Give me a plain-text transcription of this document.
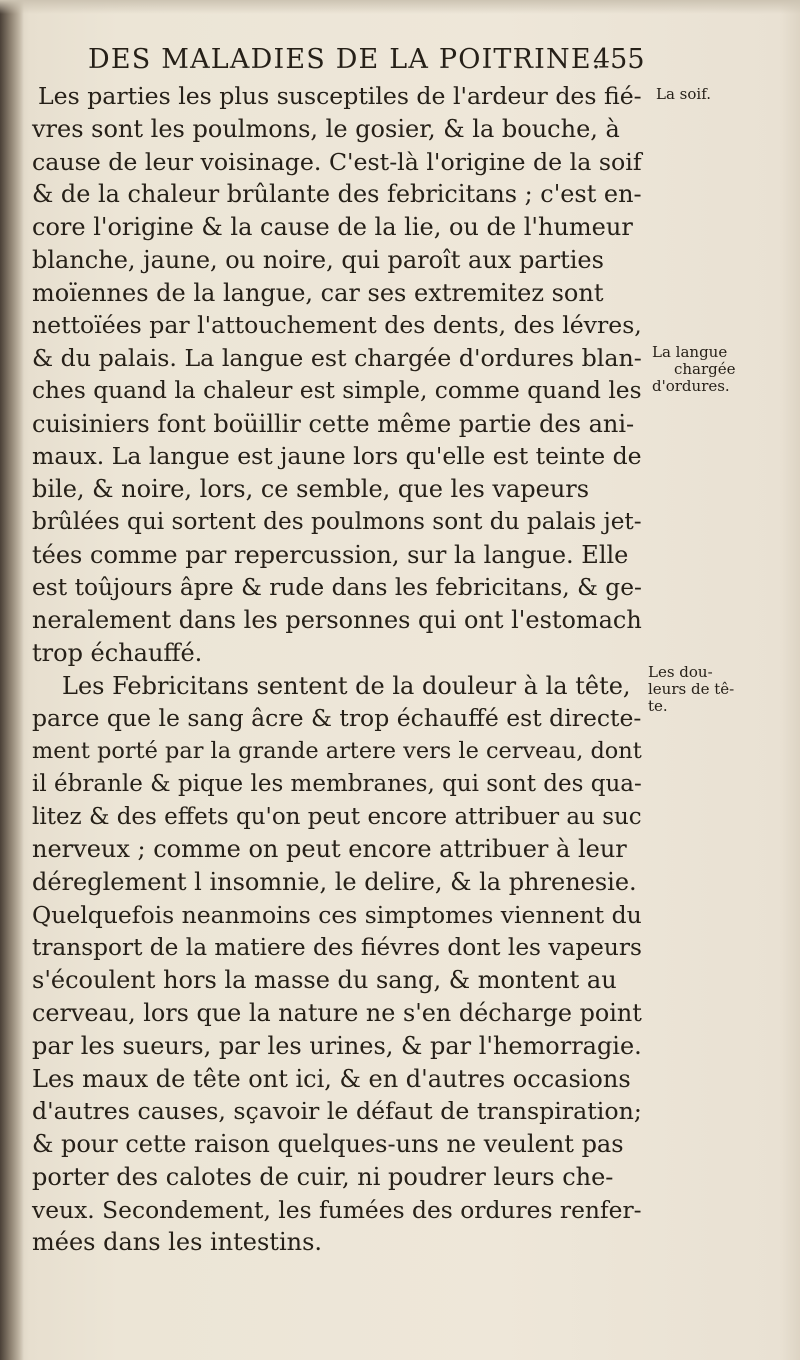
DES MALADIES DE LA POITRINE.
455
Les parties les plus susceptiles de l'ardeur des fié-
vres sont les poulmons, le gosier, & la bouche, à
cause de leur voisinage. C'est-là l'origine de la soif
& de la chaleur brûlante des febricitans ; c'est en-
core l'origine & la cause de la lie, ou de l'humeur
blanche, jaune, ou noire, qui paroît aux parties
moïennes de la langue, car ses extremitez sont
nettoïées par l'attouchement des dents, des lévres,
& du palais. La langue est chargée d'ordures blan-
ches quand la chaleur est simple, comme quand les
cuisiniers font boüillir cette même partie des ani-
maux. La langue est jaune lors qu'elle est teinte de
bile, & noire, lors, ce semble, que les vapeurs
brûlées qui sortent des poulmons sont du palais jet-
tées comme par repercussion, sur la langue. Elle
est toûjours âpre & rude dans les febricitans, & ge-
neralement dans les personnes qui ont l'estomach
trop échauffé.
Les Febricitans sentent de la douleur à la tête,
parce que le sang âcre & trop échauffé est directe-
ment porté par la grande artere vers le cerveau, dont
il ébranle & pique les membranes, qui sont des qua-
litez & des effets qu'on peut encore attribuer au suc
nerveux ; comme on peut encore attribuer à leur
déreglement l insomnie, le delire, & la phrenesie.
Quelquefois neanmoins ces simptomes viennent du
transport de la matiere des fiévres dont les vapeurs
s'écoulent hors la masse du sang, & montent au
cerveau, lors que la nature ne s'en décharge point
par les sueurs, par les urines, & par l'hemorragie.
Les maux de tête ont ici, & en d'autres occasions
d'autres causes, sçavoir le défaut de transpiration;
& pour cette raison quelques-uns ne veulent pas
porter des calotes de cuir, ni poudrer leurs che-
veux. Secondement, les fumées des ordures renfer-
mées dans les intestins.
La soif.
La langue
chargée
d'ordures.
Les dou-
leurs de tê-
te.
